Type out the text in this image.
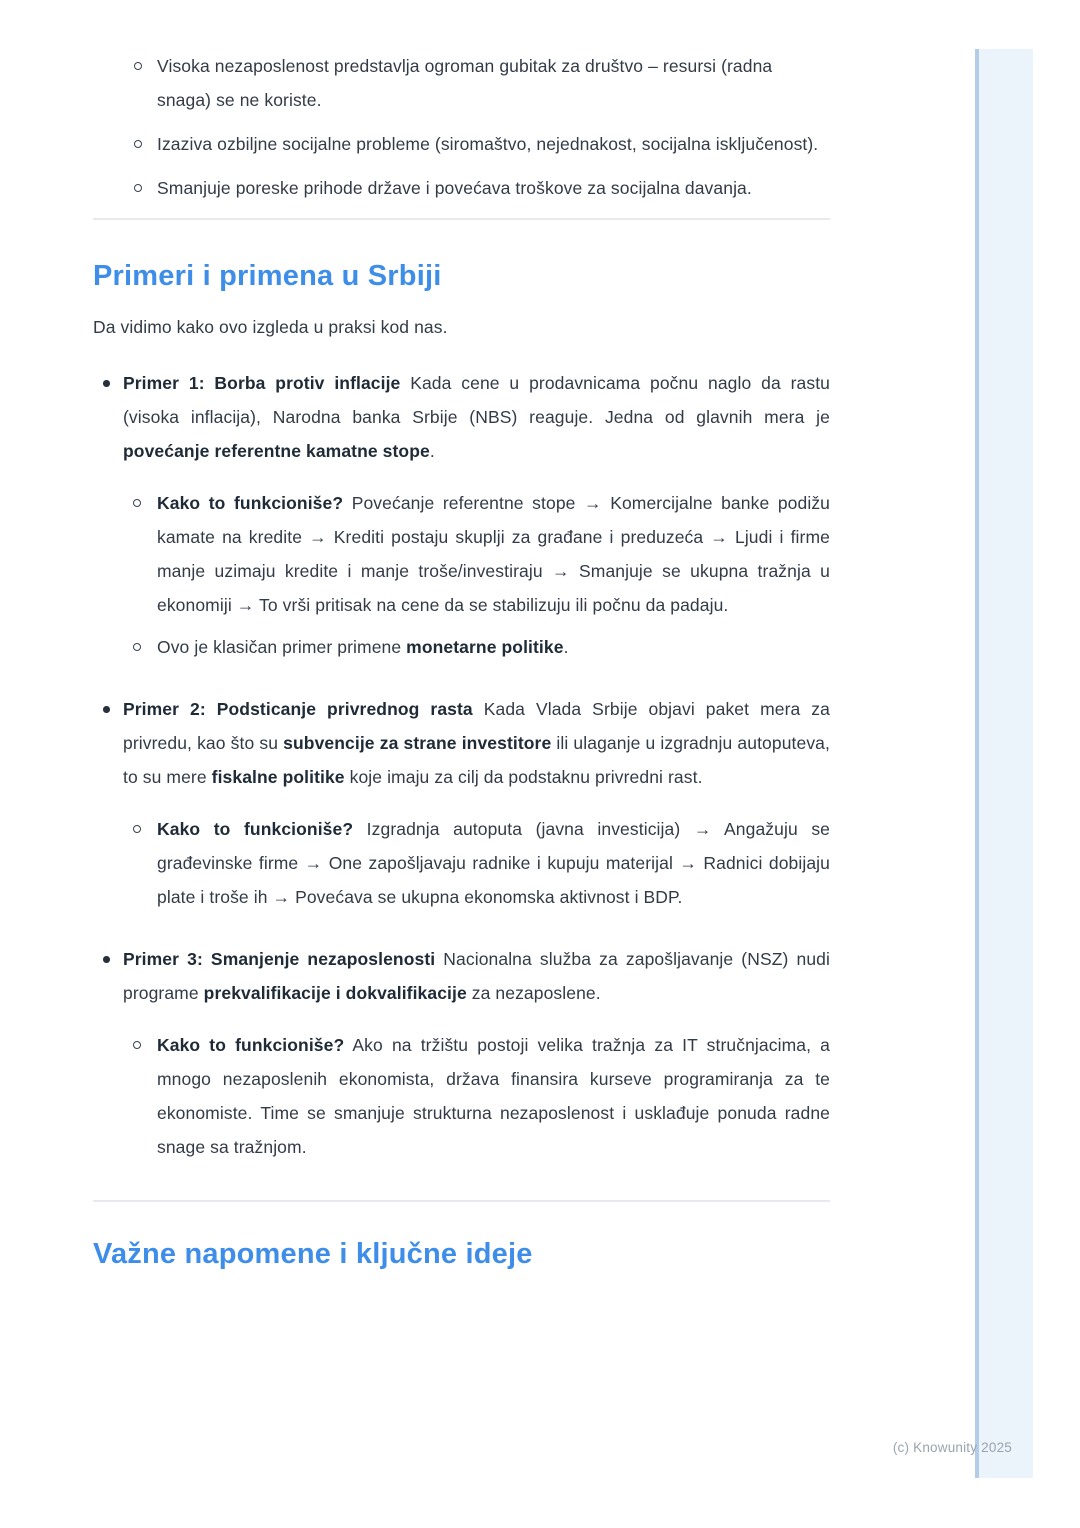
Visoka nezaposlenost predstavlja ogroman gubitak za društvo – resursi (radna snaga) se ne koriste.
Izaziva ozbiljne socijalne probleme (siromaštvo, nejednakost, socijalna isključenost).
Smanjuje poreske prihode države i povećava troškove za socijalna davanja.
Primeri i primena u Srbiji

Da vidimo kako ovo izgleda u praksi kod nas.

Primer 1: Borba protiv inflacije Kada cene u prodavnicama počnu naglo da rastu (visoka inflacija), Narodna banka Srbije (NBS) reaguje. Jedna od glavnih mera je povećanje referentne kamatne stope.
Kako to funkcioniše? Povećanje referentne stope → Komercijalne banke podižu kamate na kredite → Krediti postaju skuplji za građane i preduzeća → Ljudi i firme manje uzimaju kredite i manje troše/investiraju → Smanjuje se ukupna tražnja u ekonomiji → To vrši pritisak na cene da se stabilizuju ili počnu da padaju.
Ovo je klasičan primer primene monetarne politike.
Primer 2: Podsticanje privrednog rasta Kada Vlada Srbije objavi paket mera za privredu, kao što su subvencije za strane investitore ili ulaganje u izgradnju autoputeva, to su mere fiskalne politike koje imaju za cilj da podstaknu privredni rast.
Kako to funkcioniše? Izgradnja autoputa (javna investicija) → Angažuju se građevinske firme → One zapošljavaju radnike i kupuju materijal → Radnici dobijaju plate i troše ih → Povećava se ukupna ekonomska aktivnost i BDP.
Primer 3: Smanjenje nezaposlenosti Nacionalna služba za zapošljavanje (NSZ) nudi programe prekvalifikacije i dokvalifikacije za nezaposlene.
Kako to funkcioniše? Ako na tržištu postoji velika tražnja za IT stručnjacima, a mnogo nezaposlenih ekonomista, država finansira kurseve programiranja za te ekonomiste. Time se smanjuje strukturna nezaposlenost i usklađuje ponuda radne snage sa tražnjom.
Važne napomene i ključne ideje
(c) Knowunity 2025
